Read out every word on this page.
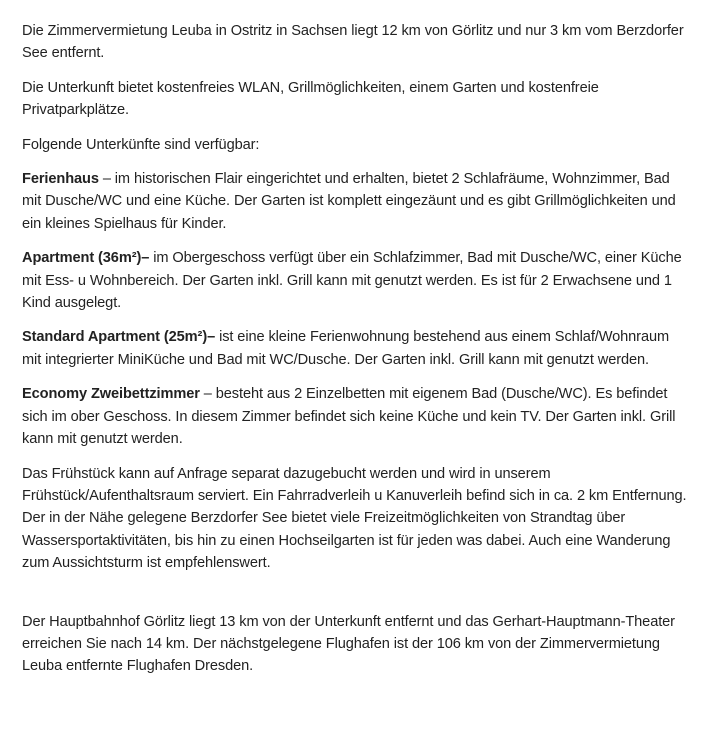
Die Zimmervermietung Leuba in Ostritz in Sachsen liegt 12 km von Görlitz und nur 3 km vom Berzdorfer See entfernt.

Die Unterkunft bietet kostenfreies WLAN, Grillmöglichkeiten, einem Garten und kostenfreie Privatparkplätze.

Folgende Unterkünfte sind verfügbar:

Ferienhaus – im historischen Flair eingerichtet und erhalten, bietet 2 Schlafräume, Wohnzimmer, Bad mit Dusche/WC und eine Küche. Der Garten ist komplett eingezäunt und es gibt Grillmöglichkeiten und ein kleines Spielhaus für Kinder.

Apartment (36m²)– im Obergeschoss verfügt über ein Schlafzimmer, Bad mit Dusche/WC, einer Küche mit Ess- u Wohnbereich. Der Garten inkl. Grill kann mit genutzt werden. Es ist für 2 Erwachsene und 1 Kind ausgelegt.

Standard Apartment (25m²)– ist eine kleine Ferienwohnung bestehend aus einem Schlaf/Wohnraum mit integrierter MiniKüche und Bad mit WC/Dusche. Der Garten inkl. Grill kann mit genutzt werden.

Economy Zweibettzimmer – besteht aus 2 Einzelbetten mit eigenem Bad (Dusche/WC). Es befindet sich im ober Geschoss. In diesem Zimmer befindet sich keine Küche und kein TV. Der Garten inkl. Grill kann mit genutzt werden.

Das Frühstück kann auf Anfrage separat dazugebucht werden und wird in unserem Frühstück/Aufenthaltsraum serviert. Ein Fahrradverleih u Kanuverleih befind sich in ca. 2 km Entfernung. Der in der Nähe gelegene Berzdorfer See bietet viele Freizeitmöglichkeiten von Strandtag über Wassersportaktivitäten, bis hin zu einen Hochseilgarten ist für jeden was dabei. Auch eine Wanderung zum Aussichtsturm ist empfehlenswert.

Der Hauptbahnhof Görlitz liegt 13 km von der Unterkunft entfernt und das Gerhart-Hauptmann-Theater erreichen Sie nach 14 km. Der nächstgelegene Flughafen ist der 106 km von der Zimmervermietung Leuba entfernte Flughafen Dresden.
